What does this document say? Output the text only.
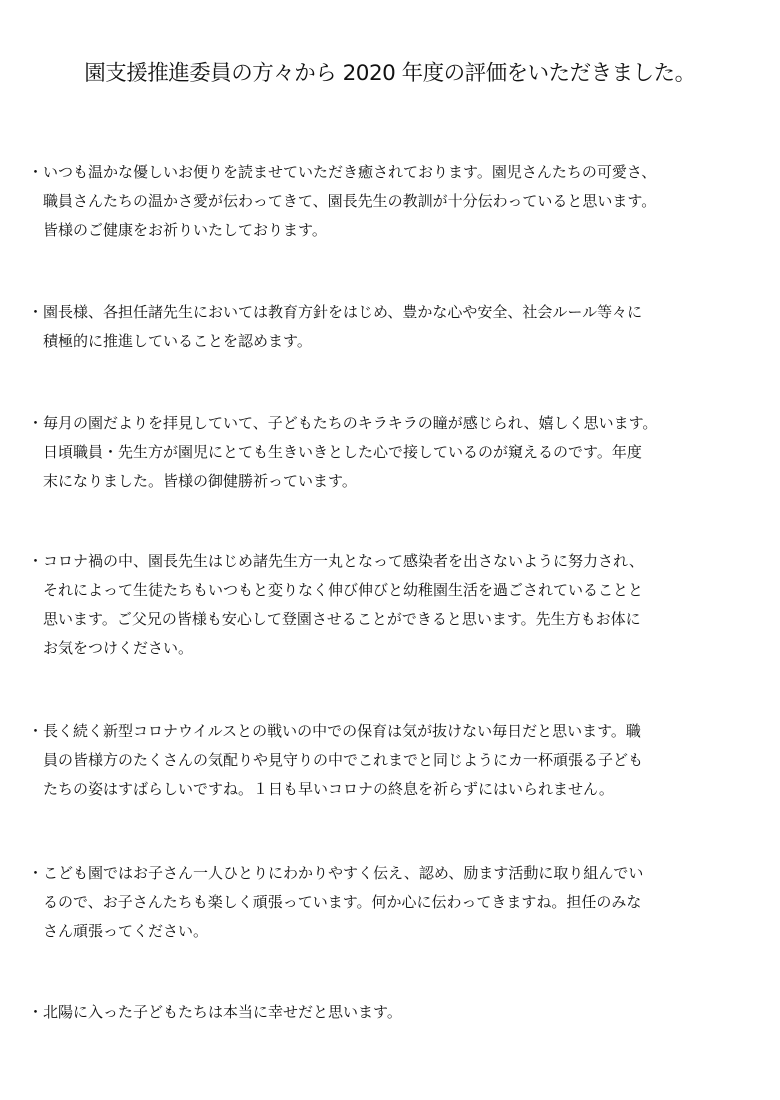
園支援推進委員の方々から 2020 年度の評価をいただきました。
・ いつも温かな優しいお便りを読ませていただき癒されております。園児さんたちの可愛さ、
職員さんたちの温かさ愛が伝わってきて、園長先生の教訓が十分伝わっていると思います。
皆様のご健康をお祈りいたしております。
・ 園長様、各担任諸先生においては教育方針をはじめ、豊かな心や安全、社会ルール等々に
積極的に推進していることを認めます。
・ 毎月の園だよりを拝見していて、子どもたちのキラキラの瞳が感じられ、嬉しく思います。
日頃職員・先生方が園児にとても生きいきとした心で接しているのが窺えるのです。年度
末になりました。皆様の御健勝祈っています。
・ コロナ禍の中、園長先生はじめ諸先生方一丸となって感染者を出さないように努力され、
それによって生徒たちもいつもと変りなく伸び伸びと幼稚園生活を過ごされていることと
思います。ご父兄の皆様も安心して登園させることができると思います。先生方もお体に
お気をつけください。
・ 長く続く新型コロナウイルスとの戦いの中での保育は気が抜けない毎日だと思います。職
員の皆様方のたくさんの気配りや見守りの中でこれまでと同じようにカ一杯頑張る子ども
たちの姿はすばらしいですね。１日も早いコロナの終息を祈らずにはいられません。
・ こども園ではお子さん一人ひとりにわかりやすく伝え、認め、励ます活動に取り組んでい
るので、お子さんたちも楽しく頑張っています。何か心に伝わってきますね。担任のみな
さん頑張ってください。
・ 北陽に入った子どもたちは本当に幸せだと思います。
